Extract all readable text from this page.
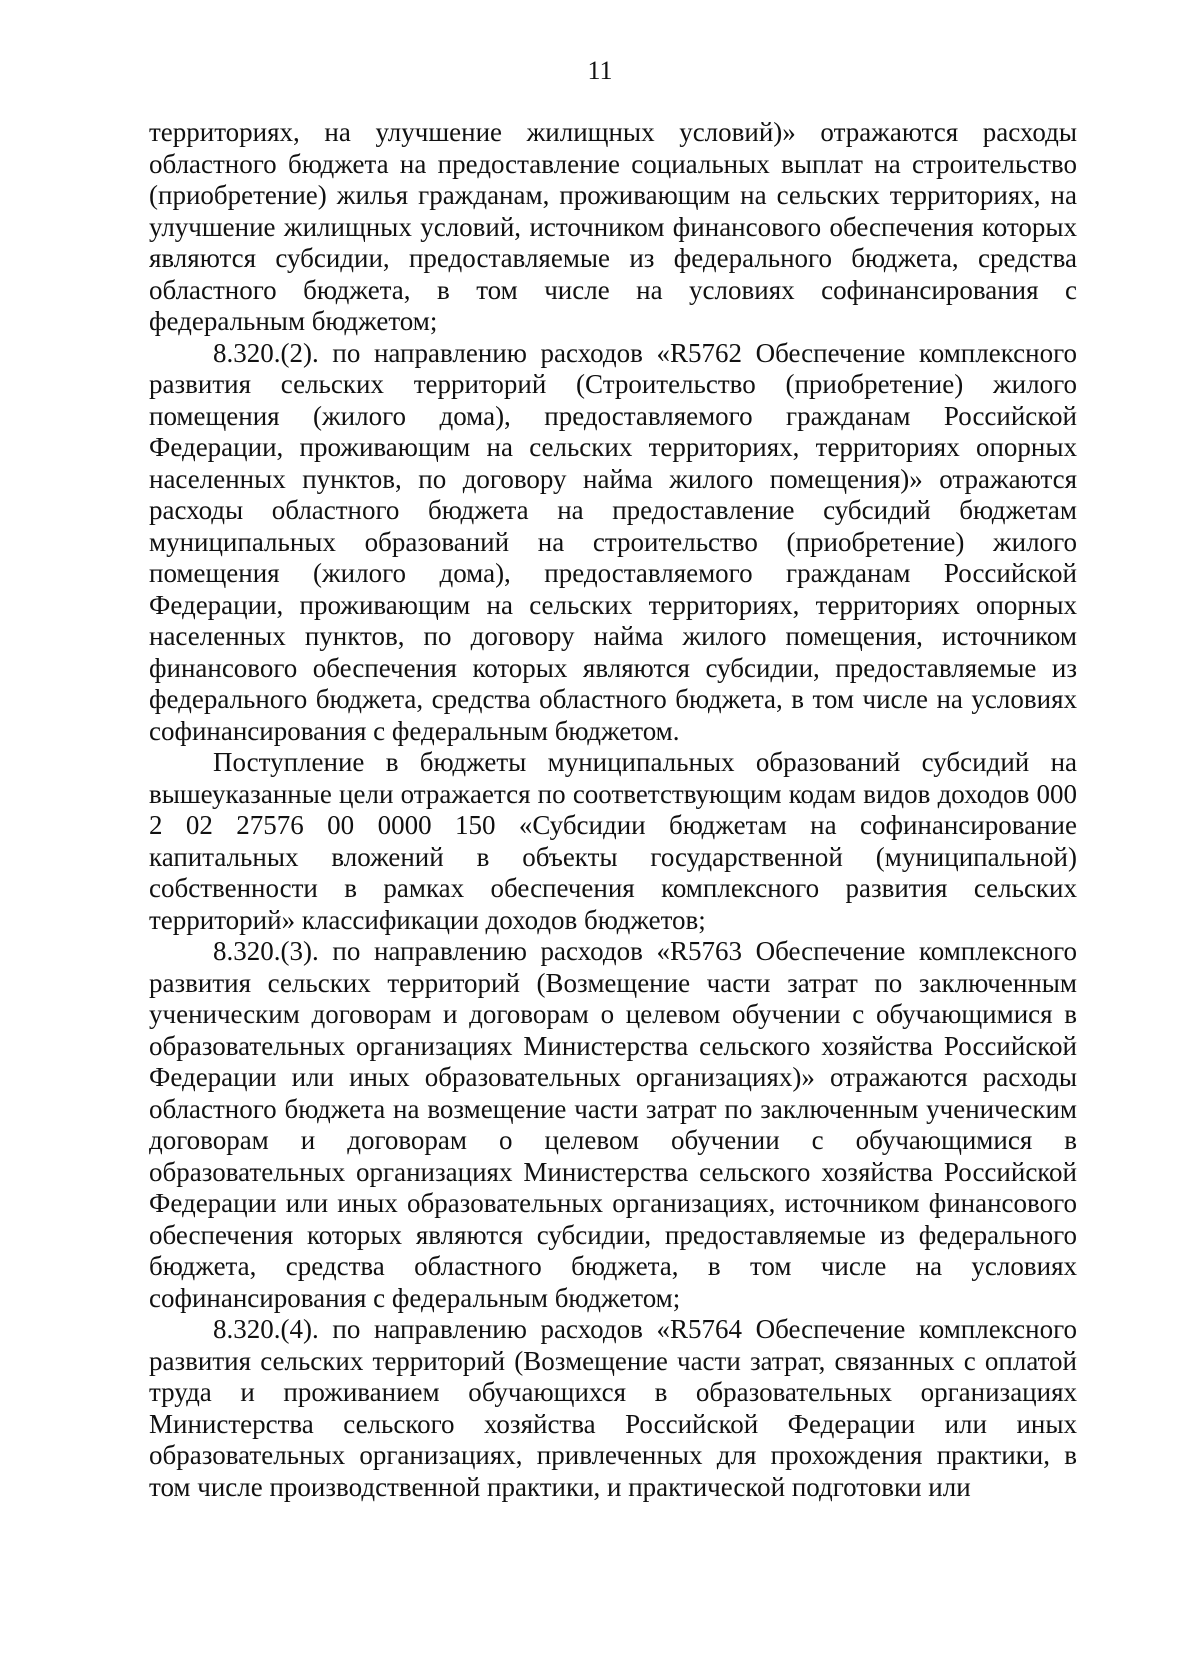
11

территориях, на улучшение жилищных условий)» отражаются расходы областного бюджета на предоставление социальных выплат на строительство (приобретение) жилья гражданам, проживающим на сельских территориях, на улучшение жилищных условий, источником финансового обеспечения которых являются субсидии, предоставляемые из федерального бюджета, средства областного бюджета, в том числе на условиях софинансирования с федеральным бюджетом;

8.320.(2). по направлению расходов «R5762 Обеспечение комплексного развития сельских территорий (Строительство (приобретение) жилого помещения (жилого дома), предоставляемого гражданам Российской Федерации, проживающим на сельских территориях, территориях опорных населенных пунктов, по договору найма жилого помещения)» отражаются расходы областного бюджета на предоставление субсидий бюджетам муниципальных образований на строительство (приобретение) жилого помещения (жилого дома), предоставляемого гражданам Российской Федерации, проживающим на сельских территориях, территориях опорных населенных пунктов, по договору найма жилого помещения, источником финансового обеспечения которых являются субсидии, предоставляемые из федерального бюджета, средства областного бюджета, в том числе на условиях софинансирования с федеральным бюджетом.

Поступление в бюджеты муниципальных образований субсидий на вышеуказанные цели отражается по соответствующим кодам видов доходов 000 2 02 27576 00 0000 150 «Субсидии бюджетам на софинансирование капитальных вложений в объекты государственной (муниципальной) собственности в рамках обеспечения комплексного развития сельских территорий» классификации доходов бюджетов;

8.320.(3). по направлению расходов «R5763 Обеспечение комплексного развития сельских территорий (Возмещение части затрат по заключенным ученическим договорам и договорам о целевом обучении с обучающимися в образовательных организациях Министерства сельского хозяйства Российской Федерации или иных образовательных организациях)» отражаются расходы областного бюджета на возмещение части затрат по заключенным ученическим договорам и договорам о целевом обучении с обучающимися в образовательных организациях Министерства сельского хозяйства Российской Федерации или иных образовательных организациях, источником финансового обеспечения которых являются субсидии, предоставляемые из федерального бюджета, средства областного бюджета, в том числе на условиях софинансирования с федеральным бюджетом;

8.320.(4). по направлению расходов «R5764 Обеспечение комплексного развития сельских территорий (Возмещение части затрат, связанных с оплатой труда и проживанием обучающихся в образовательных организациях Министерства сельского хозяйства Российской Федерации или иных образовательных организациях, привлеченных для прохождения практики, в том числе производственной практики, и практической подготовки или
